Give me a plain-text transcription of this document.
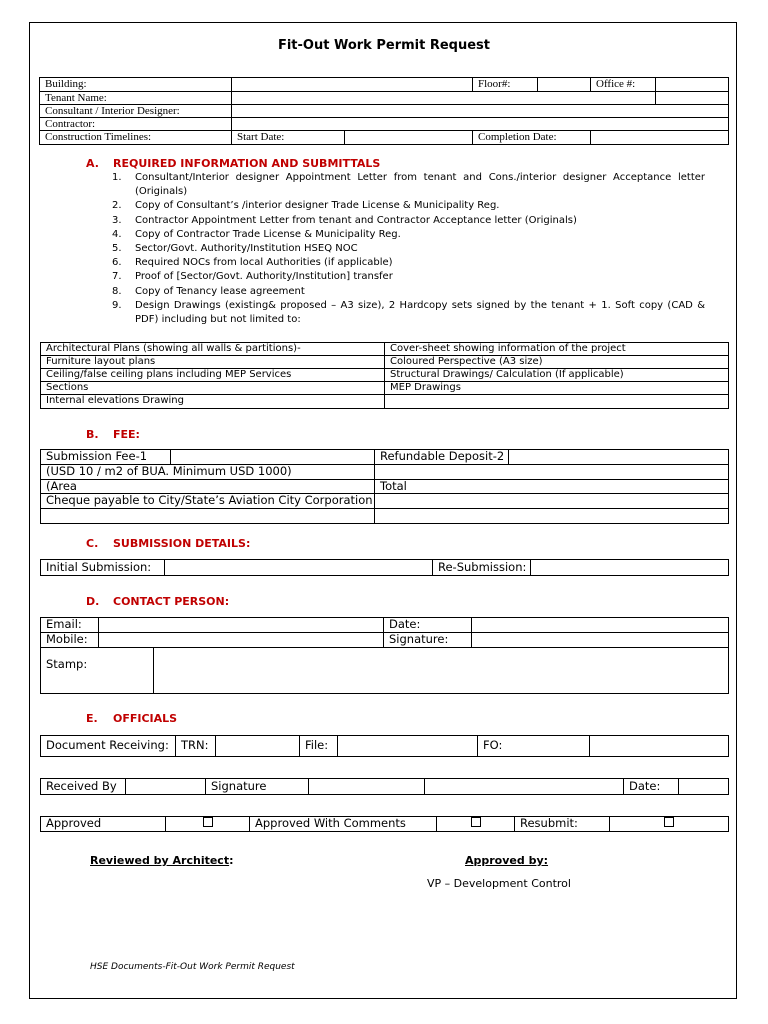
Fit-Out Work Permit Request
Building:			Floor#:		Office #:	
Tenant Name:						
Consultant / Interior Designer:						
Contractor:						
Construction Timelines:	Start Date:		Completion Date:			
A. REQUIRED INFORMATION AND SUBMITTALS
1. Consultant/Interior designer Appointment Letter from tenant and Cons./interior designer Acceptance letter (Originals)
2. Copy of Consultant’s /interior designer Trade License & Municipality Reg.
3. Contractor Appointment Letter from tenant and Contractor Acceptance letter (Originals)
4. Copy of Contractor Trade License & Municipality Reg.
5. Sector/Govt. Authority/Institution HSEQ NOC
6. Required NOCs from local Authorities (if applicable)
7. Proof of [Sector/Govt. Authority/Institution] transfer
8. Copy of Tenancy lease agreement
9. Design Drawings (existing& proposed – A3 size), 2 Hardcopy sets signed by the tenant + 1. Soft copy (CAD & PDF) including but not limited to:
Architectural Plans (showing all walls & partitions)-	Cover-sheet showing information of the project
Furniture layout plans	Coloured Perspective (A3 size)
Ceiling/false ceiling plans including MEP Services	Structural Drawings/ Calculation (If applicable)
Sections	MEP Drawings
Internal elevations Drawing	
B. FEE:
Submission Fee-1		Refundable Deposit-2	
(USD 10 / m2 of BUA. Minimum USD 1000)			
(Area		Total	
Cheque payable to City/State’s Aviation City Corporation			

C. SUBMISSION DETAILS:
Initial Submission:		Re-Submission:	
D. CONTACT PERSON:
Email:			Date:	
Mobile:			Signature:	
Stamp:				
E. OFFICIALS
Document Receiving:	TRN:		File:		FO:	
Received By		Signature			Date:	
Approved		Approved With Comments		Resubmit:	
Reviewed by Architect:	Approved by:
VP – Development Control
HSE Documents-Fit-Out Work Permit Request
